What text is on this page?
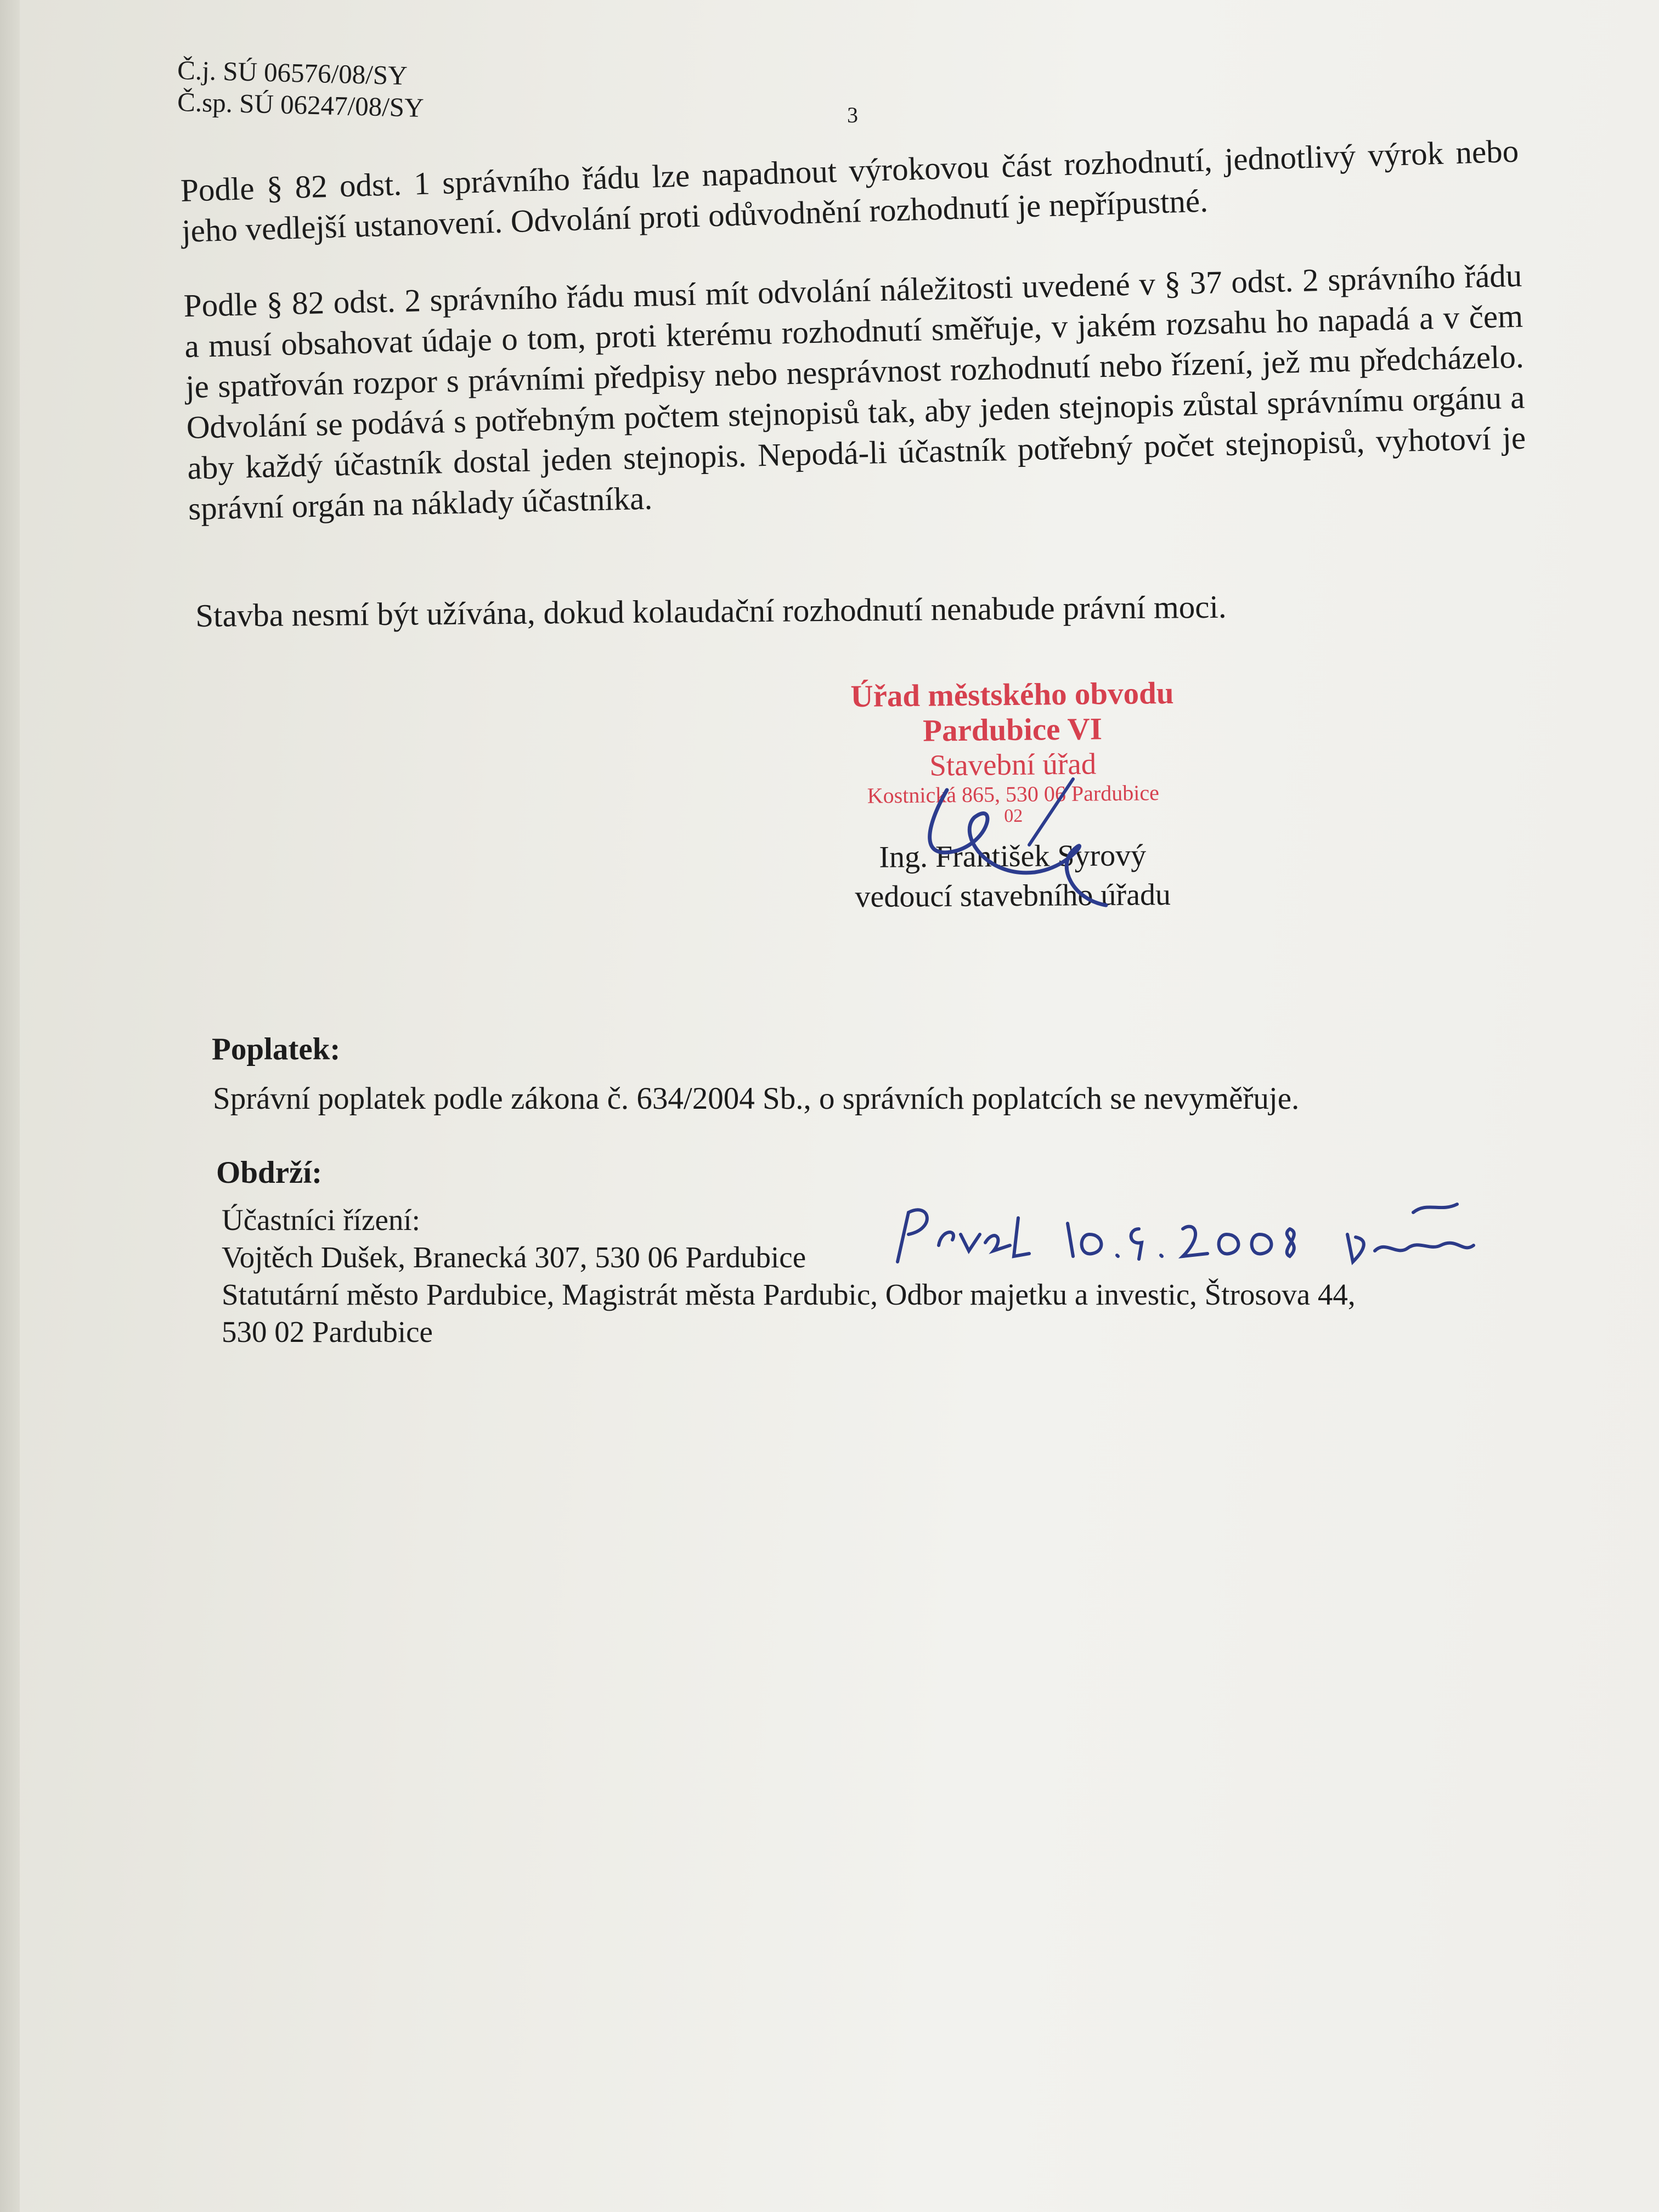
Č.j. SÚ 06576/08/SY
Č.sp. SÚ 06247/08/SY	3
Podle § 82 odst. 1 správního řádu lze napadnout výrokovou část rozhodnutí, jednotlivý výrok nebo jeho vedlejší ustanovení. Odvolání proti odůvodnění rozhodnutí je nepřípustné.
Podle § 82 odst. 2 správního řádu musí mít odvolání náležitosti uvedené v § 37 odst. 2 správního řádu a musí obsahovat údaje o tom, proti kterému rozhodnutí směřuje, v jakém rozsahu ho napadá a v čem je spatřován rozpor s právními předpisy nebo nesprávnost rozhodnutí nebo řízení, jež mu předcházelo. Odvolání se podává s potřebným počtem stejnopisů tak, aby jeden stejnopis zůstal správnímu orgánu a aby každý účastník dostal jeden stejnopis. Nepodá-li účastník potřebný počet stejnopisů, vyhotoví je správní orgán na náklady účastníka.
Stavba nesmí být užívána, dokud kolaudační rozhodnutí nenabude právní moci.
Úřad městského obvodu
Pardubice VI
Stavební úřad
Kostnická 865, 530 06 Pardubice
02
Ing. František Syrový
vedoucí stavebního úřadu
Poplatek:
Správní poplatek podle zákona č. 634/2004 Sb., o správních poplatcích se nevyměřuje.
Obdrží:
Účastníci řízení:
Vojtěch Dušek, Branecká 307, 530 06 Pardubice
Statutární město Pardubice, Magistrát města Pardubic, Odbor majetku a investic, Štrosova 44,
530 02 Pardubice
